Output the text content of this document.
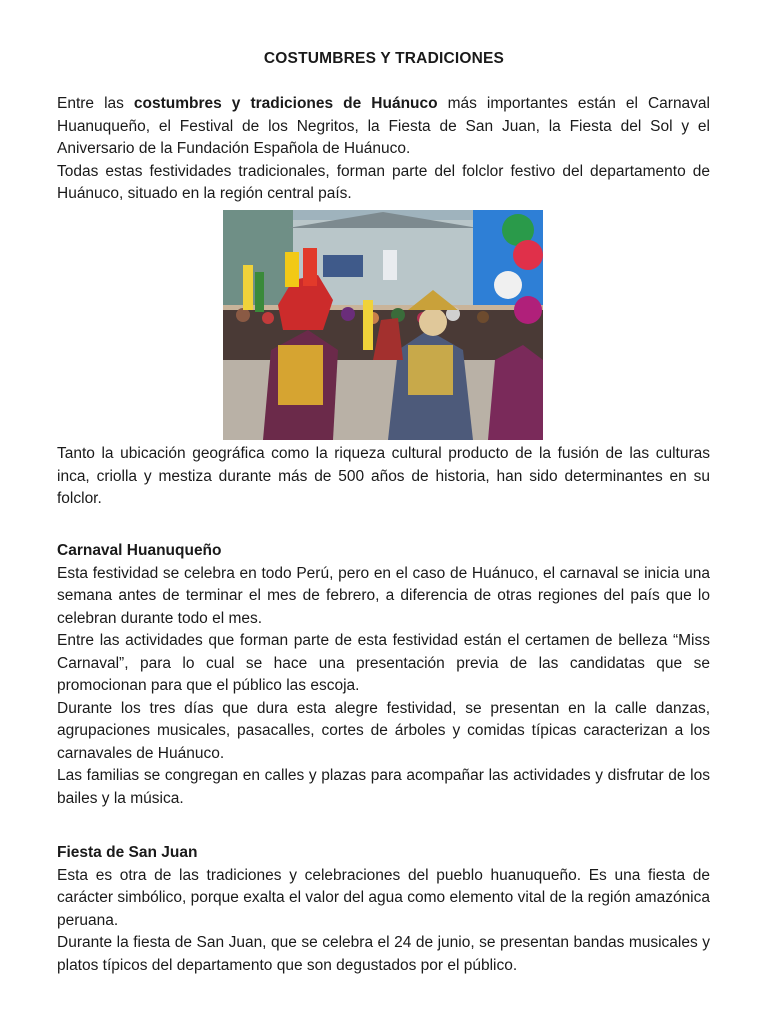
COSTUMBRES Y TRADICIONES

Entre las costumbres y tradiciones de Huánuco más importantes están el Carnaval Huanuqueño, el Festival de los Negritos, la Fiesta de San Juan, la Fiesta del Sol y el Aniversario de la Fundación Española de Huánuco.

Todas estas festividades tradicionales, forman parte del folclor festivo del departamento de Huánuco, situado en la región central país.

Tanto la ubicación geográfica como la riqueza cultural producto de la fusión de las culturas inca, criolla y mestiza durante más de 500 años de historia, han sido determinantes en su folclor.

Carnaval Huanuqueño

Esta festividad se celebra en todo Perú, pero en el caso de Huánuco, el carnaval se inicia una semana antes de terminar el mes de febrero, a diferencia de otras regiones del país que lo celebran durante todo el mes.

Entre las actividades que forman parte de esta festividad están el certamen de belleza “Miss Carnaval”, para lo cual se hace una presentación previa de las candidatas que se promocionan para que el público las escoja.

Durante los tres días que dura esta alegre festividad, se presentan en la calle danzas, agrupaciones musicales, pasacalles, cortes de árboles y comidas típicas caracterizan a los carnavales de Huánuco.

Las familias se congregan en calles y plazas para acompañar las actividades y disfrutar de los bailes y la música.

Fiesta de San Juan

Esta es otra de las tradiciones y celebraciones del pueblo huanuqueño. Es una fiesta de carácter simbólico, porque exalta el valor del agua como elemento vital de la región amazónica peruana.

Durante la fiesta de San Juan, que se celebra el 24 de junio, se presentan bandas musicales y platos típicos del departamento que son degustados por el público.
